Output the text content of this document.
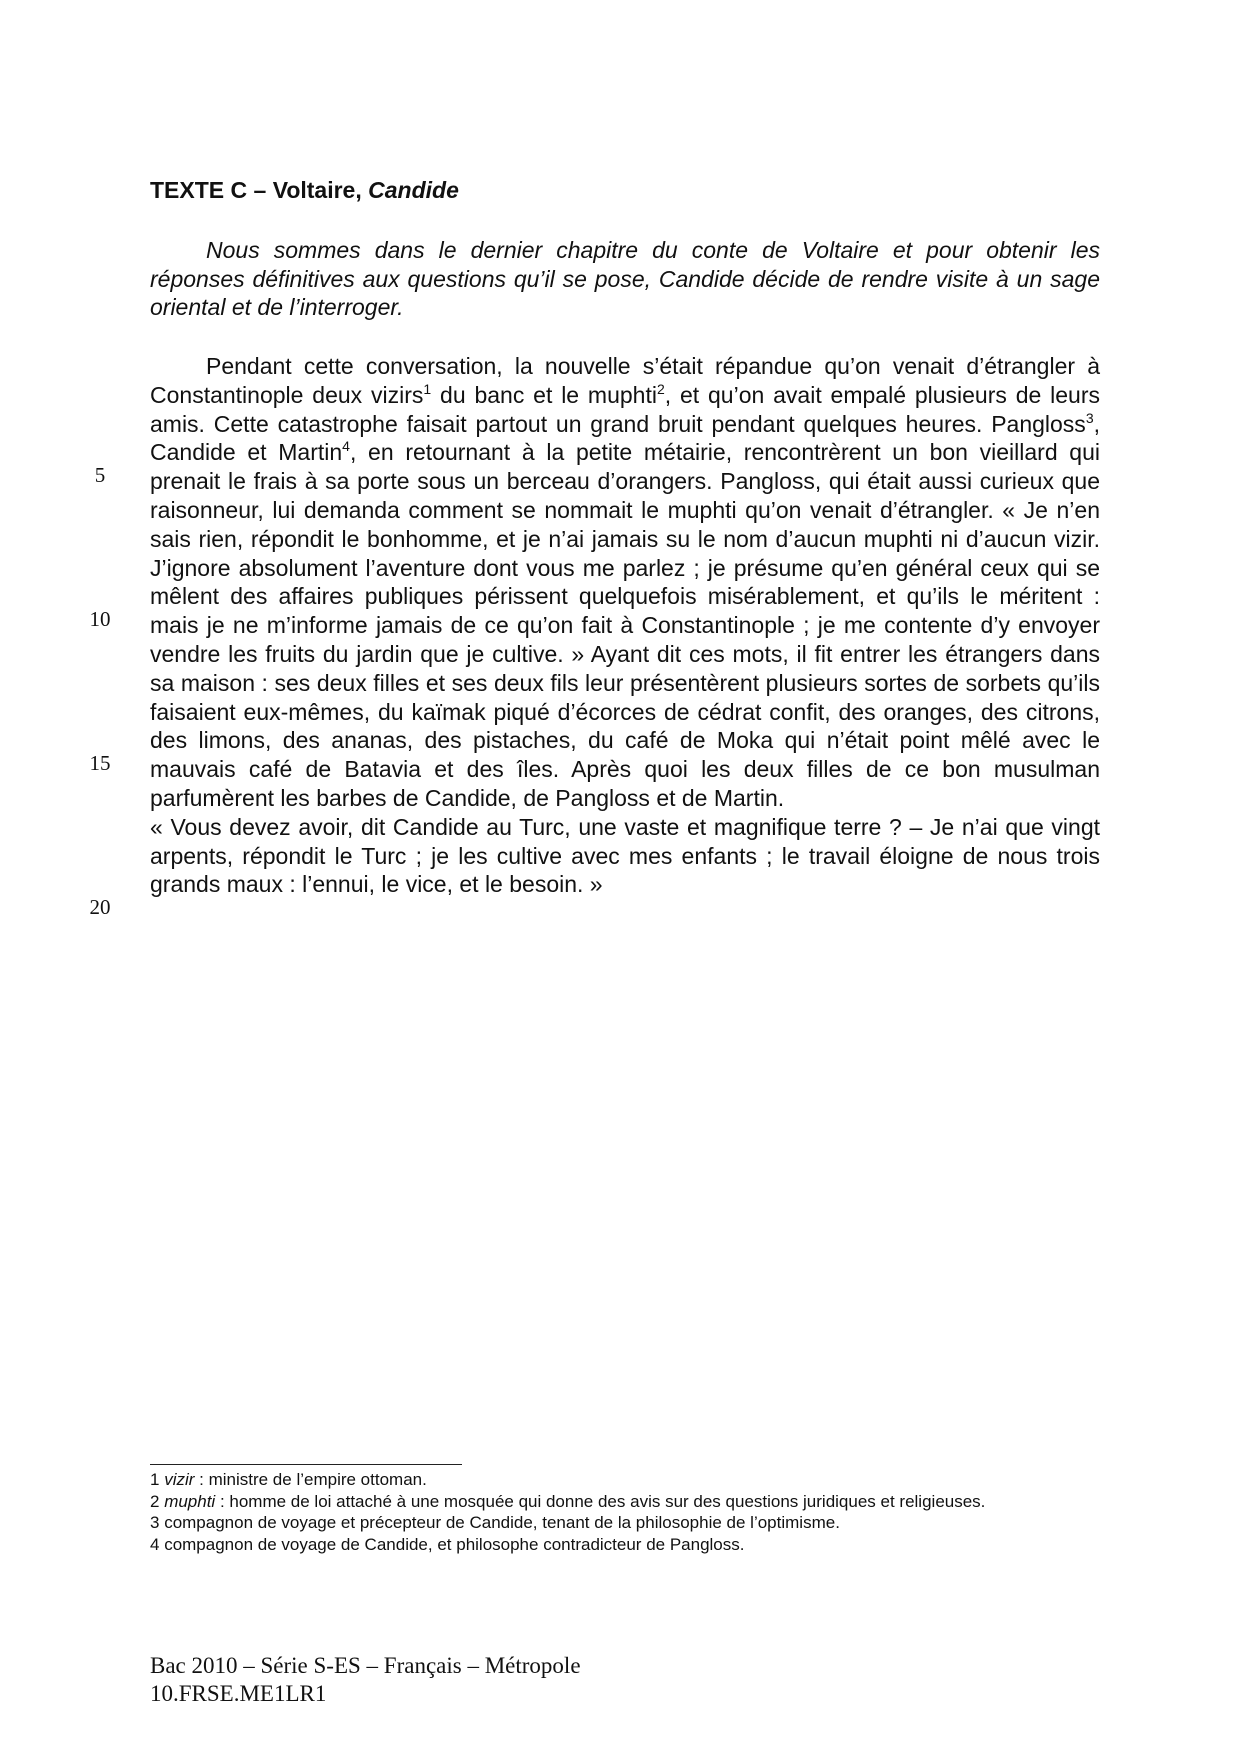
TEXTE C – Voltaire, Candide

Nous sommes dans le dernier chapitre du conte de Voltaire et pour obtenir les réponses définitives aux questions qu’il se pose, Candide décide de rendre visite à un sage oriental et de l’interroger.

Pendant cette conversation, la nouvelle s’était répandue qu’on venait d’étrangler à Constantinople deux vizirs$^1$ du banc et le muphti$^2$, et qu’on avait empalé plusieurs de leurs amis. Cette catastrophe faisait partout un grand bruit pendant quelques heures. Pangloss$^3$, Candide et Martin$^4$, en retournant à la petite métairie, rencontrèrent un bon vieillard qui prenait le frais à sa porte sous un berceau d’orangers. Pangloss, qui était aussi curieux que raisonneur, lui demanda comment se nommait le muphti qu’on venait d’étrangler. « Je n’en sais rien, répondit le bonhomme, et je n’ai jamais su le nom d’aucun muphti ni d’aucun vizir. J’ignore absolument l’aventure dont vous me parlez ; je présume qu’en général ceux qui se mêlent des affaires publiques périssent quelquefois misérablement, et qu’ils le méritent : mais je ne m’informe jamais de ce qu’on fait à Constantinople ; je me contente d’y envoyer vendre les fruits du jardin que je cultive. » Ayant dit ces mots, il fit entrer les étrangers dans sa maison : ses deux filles et ses deux fils leur présentèrent plusieurs sortes de sorbets qu’ils faisaient eux-mêmes, du kaïmak piqué d’écorces de cédrat confit, des oranges, des citrons, des limons, des ananas, des pistaches, du café de Moka qui n’était point mêlé avec le mauvais café de Batavia et des îles. Après quoi les deux filles de ce bon musulman parfumèrent les barbes de Candide, de Pangloss et de Martin.

« Vous devez avoir, dit Candide au Turc, une vaste et magnifique terre ? – Je n’ai que vingt arpents, répondit le Turc ; je les cultive avec mes enfants ; le travail éloigne de nous trois grands maux : l’ennui, le vice, et le besoin. »

5
10
15
20

1 vizir : ministre de l’empire ottoman.

2 muphti : homme de loi attaché à une mosquée qui donne des avis sur des questions juridiques et religieuses.

3 compagnon de voyage et précepteur de Candide, tenant de la philosophie de l’optimisme.

4 compagnon de voyage de Candide, et philosophe contradicteur de Pangloss.

Bac 2010 – Série S-ES – Français – Métropole
10.FRSE.ME1LR1
